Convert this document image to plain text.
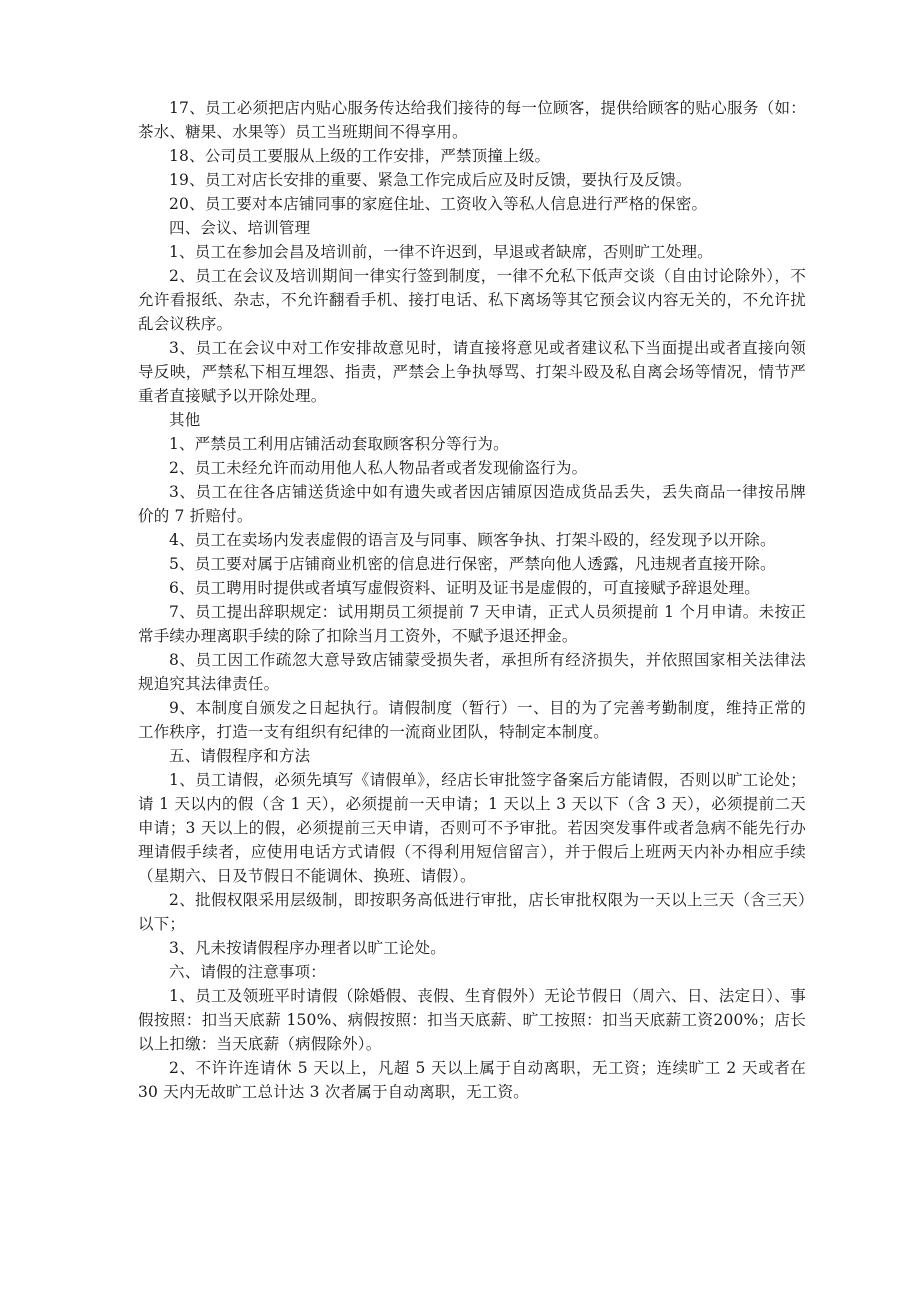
17、员工必须把店内贴心服务传达给我们接待的每一位顾客，提供给顾客的贴心服务（如：茶水、糖果、水果等）员工当班期间不得享用。

18、公司员工要服从上级的工作安排，严禁顶撞上级。

19、员工对店长安排的重要、紧急工作完成后应及时反馈，要执行及反馈。

20、员工要对本店铺同事的家庭住址、工资收入等私人信息进行严格的保密。

四、会议、培训管理

1、员工在参加会昌及培训前，一律不许迟到，早退或者缺席，否则旷工处理。

2、员工在会议及培训期间一律实行签到制度，一律不允私下低声交谈（自由讨论除外），不允许看报纸、杂志，不允许翻看手机、接打电话、私下离场等其它预会议内容无关的，不允许扰乱会议秩序。

3、员工在会议中对工作安排故意见时，请直接将意见或者建议私下当面提出或者直接向领导反映，严禁私下相互埋怨、指责，严禁会上争执辱骂、打架斗殴及私自离会场等情况，情节严重者直接赋予以开除处理。

其他

1、严禁员工利用店铺活动套取顾客积分等行为。

2、员工未经允许而动用他人私人物品者或者发现偷盗行为。

3、员工在往各店铺送货途中如有遗失或者因店铺原因造成货品丢失，丢失商品一律按吊牌价的 7 折赔付。

4、员工在卖场内发表虚假的语言及与同事、顾客争执、打架斗殴的，经发现予以开除。

5、员工要对属于店铺商业机密的信息进行保密，严禁向他人透露，凡违规者直接开除。

6、员工聘用时提供或者填写虚假资料、证明及证书是虚假的，可直接赋予辞退处理。

7、员工提出辞职规定：试用期员工须提前 7 天申请，正式人员须提前 1 个月申请。未按正常手续办理离职手续的除了扣除当月工资外，不赋予退还押金。

8、员工因工作疏忽大意导致店铺蒙受损失者，承担所有经济损失，并依照国家相关法律法规追究其法律责任。

9、本制度自颁发之日起执行。请假制度（暂行）一、目的为了完善考勤制度，维持正常的工作秩序，打造一支有组织有纪律的一流商业团队，特制定本制度。

五、请假程序和方法

1、员工请假，必须先填写《请假单》，经店长审批签字备案后方能请假，否则以旷工论处；请 1 天以内的假（含 1 天），必须提前一天申请；1 天以上 3 天以下（含 3 天），必须提前二天申请；3 天以上的假，必须提前三天申请，否则可不予审批。若因突发事件或者急病不能先行办理请假手续者，应使用电话方式请假（不得利用短信留言），并于假后上班两天内补办相应手续（星期六、日及节假日不能调休、换班、请假）。

2、批假权限采用层级制，即按职务高低进行审批，店长审批权限为一天以上三天（含三天）以下；

3、凡未按请假程序办理者以旷工论处。

六、请假的注意事项：

1、员工及领班平时请假（除婚假、丧假、生育假外）无论节假日（周六、日、法定日）、事假按照：扣当天底薪 150%、病假按照：扣当天底薪、旷工按照：扣当天底薪工资200%；店长以上扣缴：当天底薪（病假除外）。

2、不许许连请休 5 天以上，凡超 5 天以上属于自动离职，无工资；连续旷工 2 天或者在 30 天内无故旷工总计达 3 次者属于自动离职，无工资。
